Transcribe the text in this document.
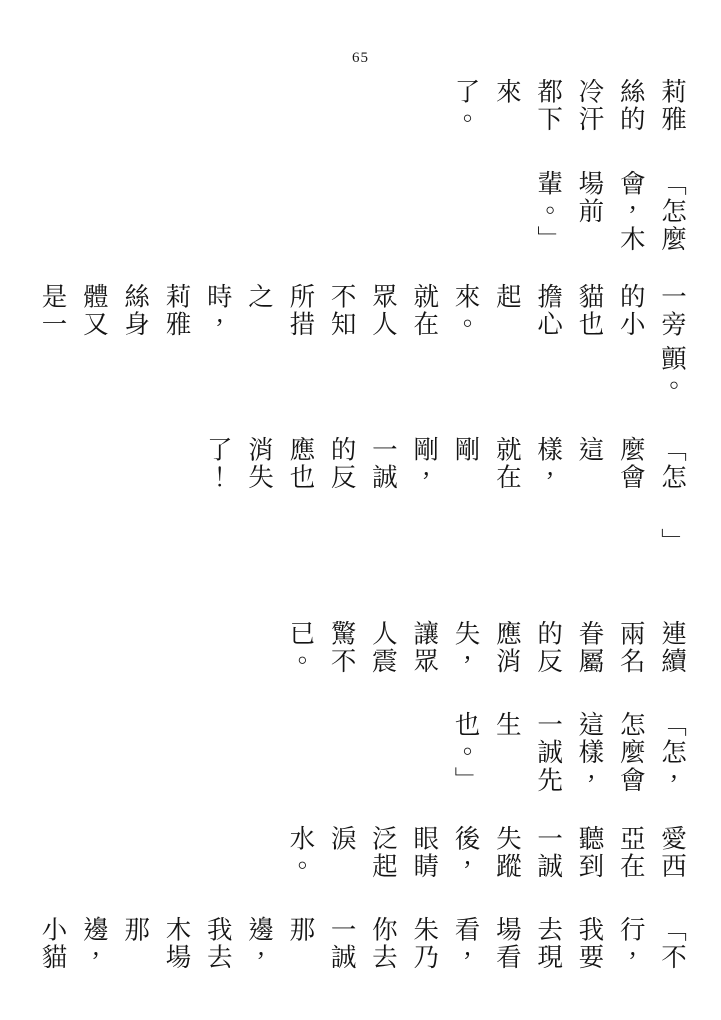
65
莉雅絲的冷汗都下來了。
「怎麼會，木場前輩。」
一旁的小貓也擔心起來。就在眾人不知所措之時，莉雅絲身體又是一
顫。
「怎麼會這樣，就在剛剛，一誠的反應也消失了！
」
連續兩名眷屬的反應消失，讓眾人震驚不已。
「怎，怎麼會這樣，一誠先生也。」
愛西亞在聽到一誠失蹤後，眼睛泛起淚水。
「不行，我要去現場看看，朱乃你去一誠那邊，我去木場那邊，小貓
